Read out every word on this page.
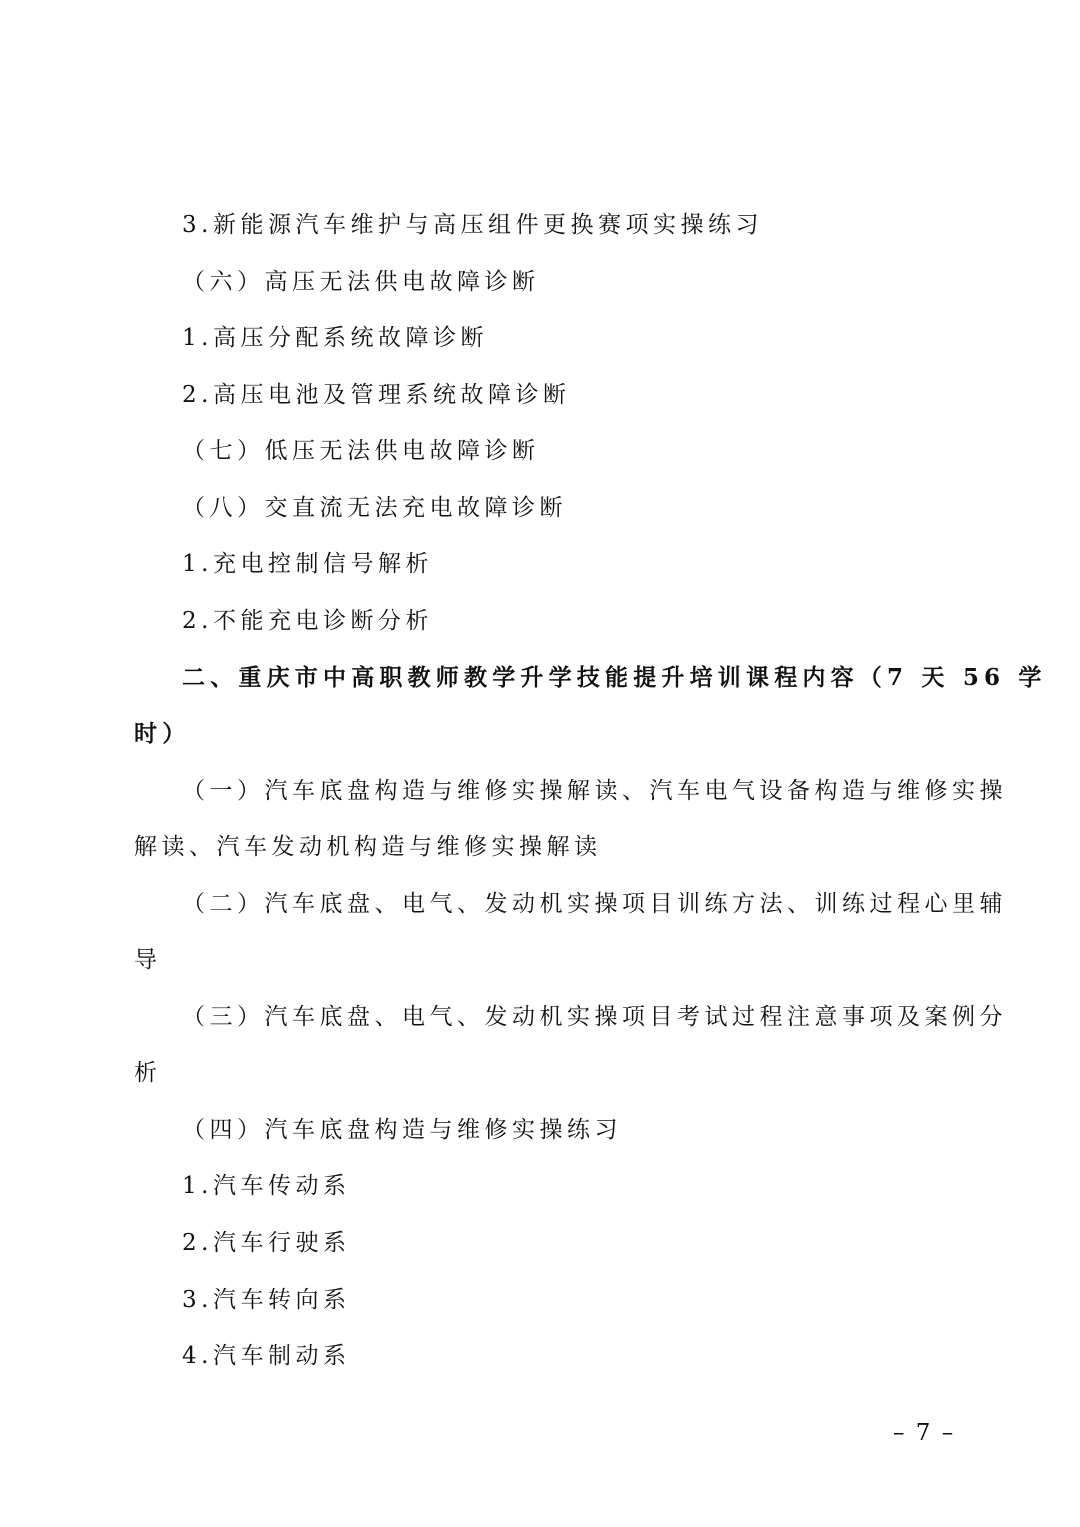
3.新能源汽车维护与高压组件更换赛项实操练习
（六）高压无法供电故障诊断
1.高压分配系统故障诊断
2.高压电池及管理系统故障诊断
（七）低压无法供电故障诊断
（八）交直流无法充电故障诊断
1.充电控制信号解析
2.不能充电诊断分析
二、重庆市中高职教师教学升学技能提升培训课程内容（7 天 56 学
时）
（一）汽车底盘构造与维修实操解读、汽车电气设备构造与维修实操
解读、汽车发动机构造与维修实操解读
（二）汽车底盘、电气、发动机实操项目训练方法、训练过程心里辅
导
（三）汽车底盘、电气、发动机实操项目考试过程注意事项及案例分
析
（四）汽车底盘构造与维修实操练习
1.汽车传动系
2.汽车行驶系
3.汽车转向系
4.汽车制动系
– 7 –
